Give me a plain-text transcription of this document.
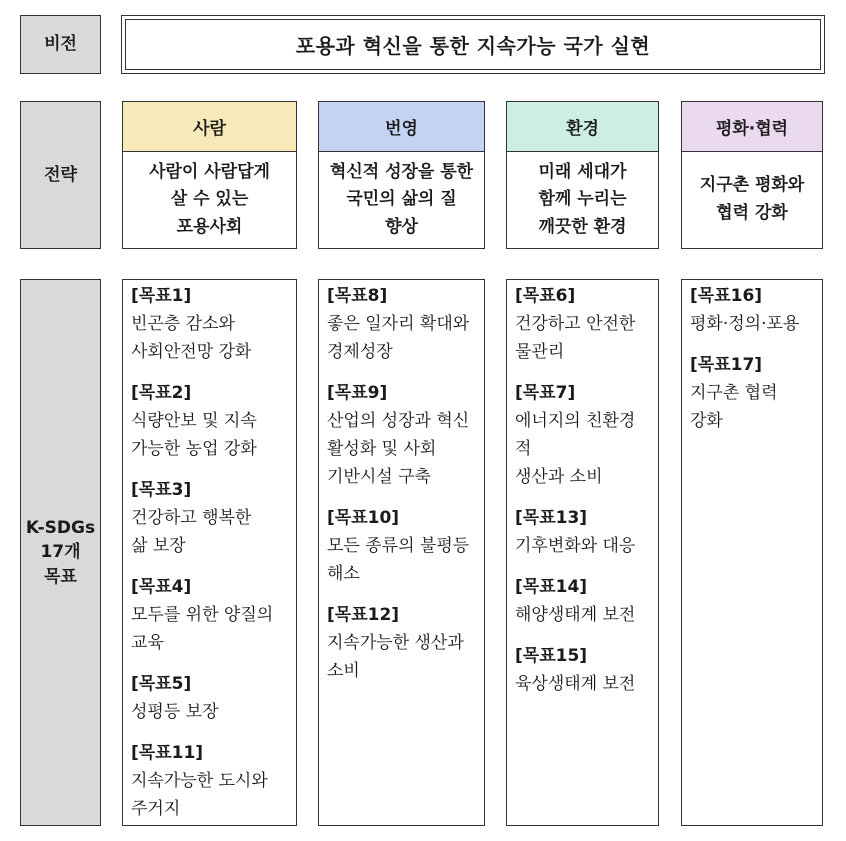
비전	포용과 혁신을 통한 지속가능 국가 실현
전략
사람
사람이 사람답게
살 수 있는
포용사회
번영
혁신적 성장을 통한
국민의 삶의 질
향상
환경
미래 세대가
함께 누리는
깨끗한 환경
평화·협력
지구촌 평화와
협력 강화
K-SDGs
17개
목표
[목표1]
빈곤층 감소와
사회안전망 강화
[목표2]
식량안보 및 지속
가능한 농업 강화
[목표3]
건강하고 행복한
삶 보장
[목표4]
모두를 위한 양질의
교육
[목표5]
성평등 보장
[목표11]
지속가능한 도시와
주거지
[목표8]
좋은 일자리 확대와
경제성장
[목표9]
산업의 성장과 혁신
활성화 및 사회
기반시설 구축
[목표10]
모든 종류의 불평등
해소
[목표12]
지속가능한 생산과
소비
[목표6]
건강하고 안전한
물관리
[목표7]
에너지의 친환경적
생산과 소비
[목표13]
기후변화와 대응
[목표14]
해양생태계 보전
[목표15]
육상생태계 보전
[목표16]
평화·정의·포용
[목표17]
지구촌 협력
강화
